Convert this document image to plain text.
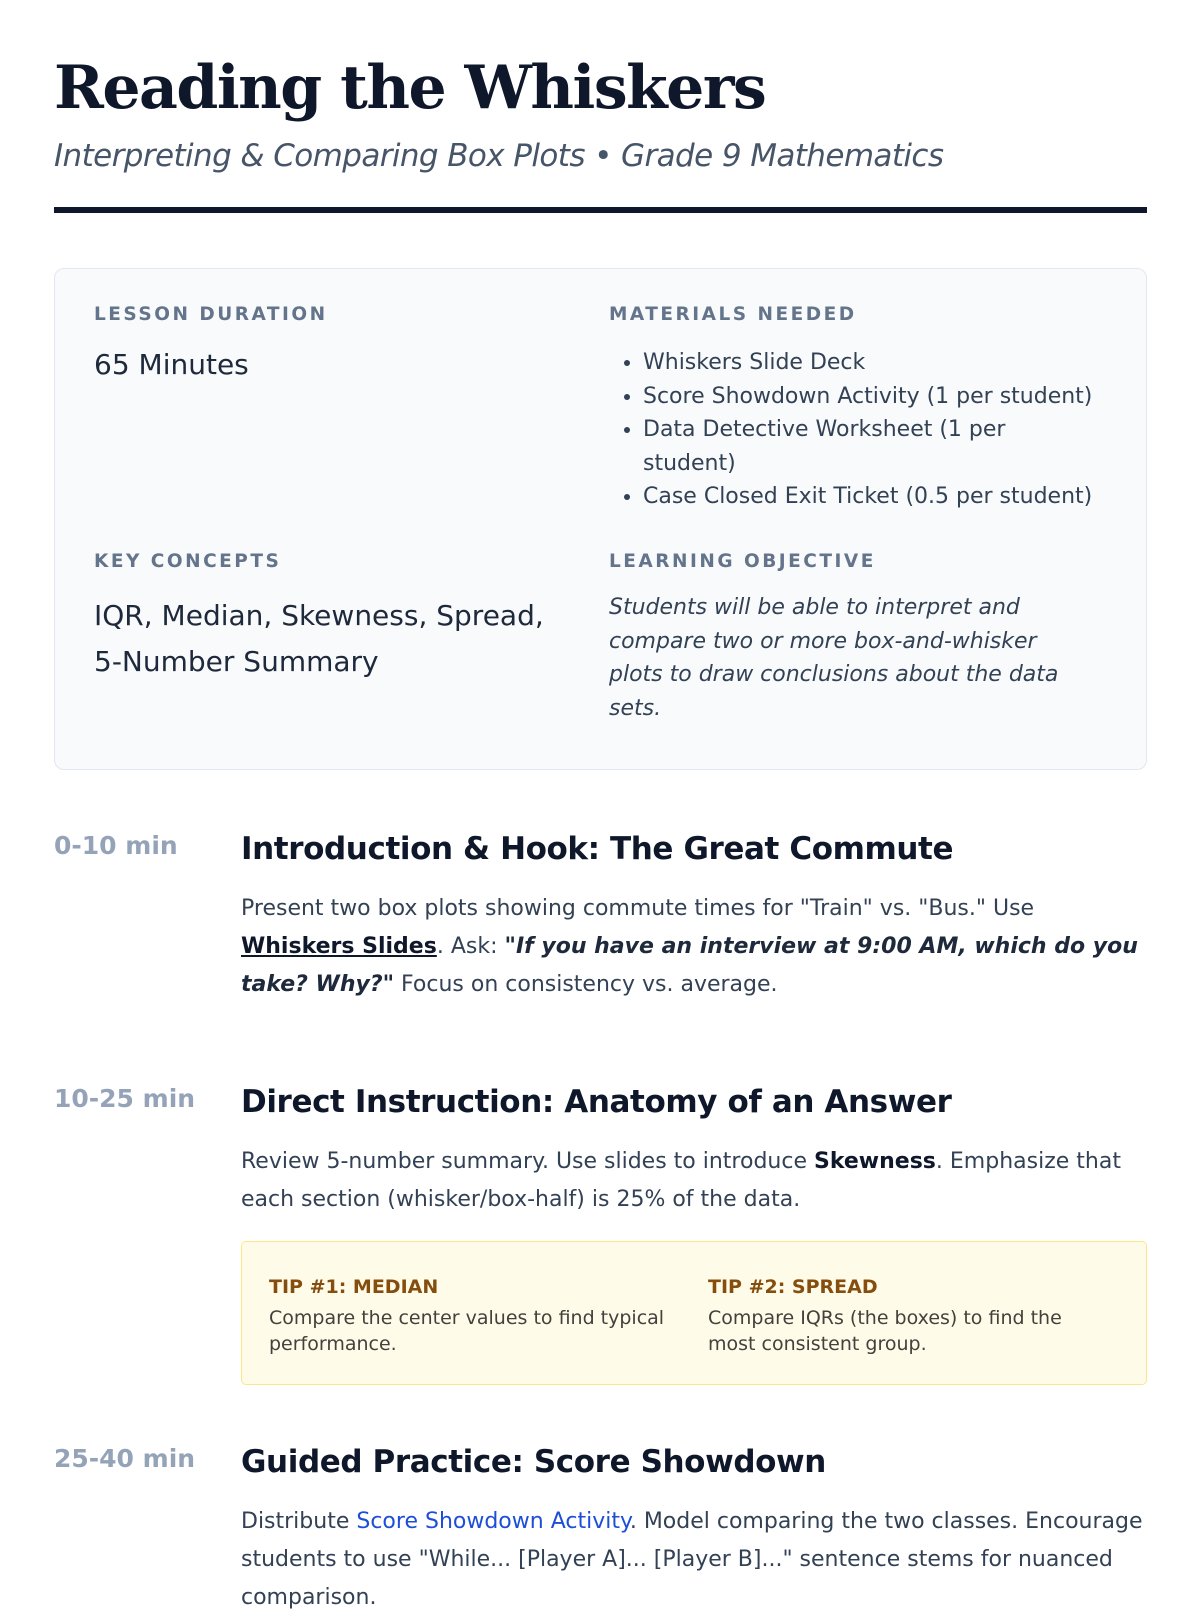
Reading the Whiskers
Interpreting & Comparing Box Plots • Grade 9 Mathematics
LESSON DURATION
65 Minutes
MATERIALS NEEDED
• Whiskers Slide Deck
• Score Showdown Activity (1 per student)
• Data Detective Worksheet (1 per student)
• Case Closed Exit Ticket (0.5 per student)
KEY CONCEPTS
IQR, Median, Skewness, Spread, 5-Number Summary
LEARNING OBJECTIVE
Students will be able to interpret and compare two or more box-and-whisker plots to draw conclusions about the data sets.
0-10 min Introduction & Hook: The Great Commute
Present two box plots showing commute times for "Train" vs. "Bus." Use Whiskers Slides. Ask: "If you have an interview at 9:00 AM, which do you take? Why?" Focus on consistency vs. average.
10-25 min Direct Instruction: Anatomy of an Answer
Review 5-number summary. Use slides to introduce Skewness. Emphasize that each section (whisker/box-half) is 25% of the data.
TIP #1: MEDIAN
Compare the center values to find typical performance.
TIP #2: SPREAD
Compare IQRs (the boxes) to find the most consistent group.
25-40 min Guided Practice: Score Showdown
Distribute Score Showdown Activity. Model comparing the two classes. Encourage students to use "While... [Player A]... [Player B]..." sentence stems for nuanced comparison.
